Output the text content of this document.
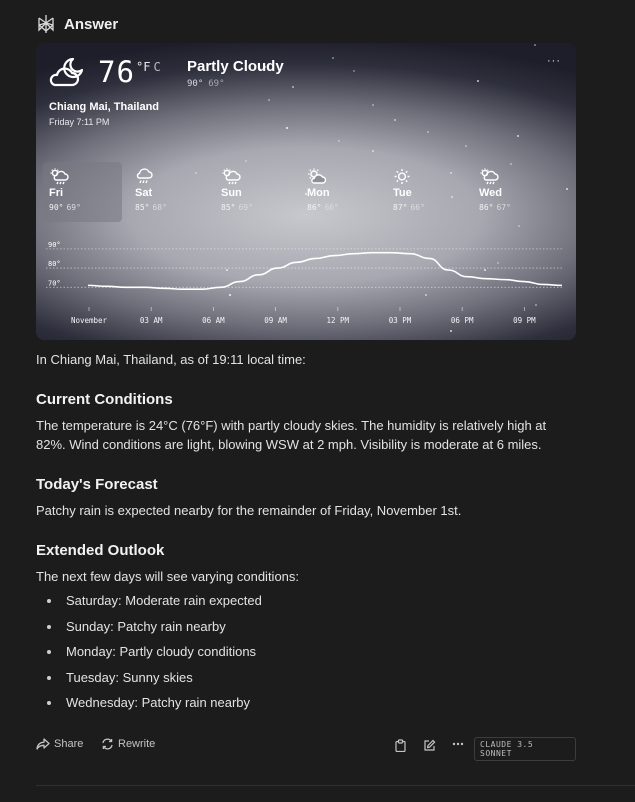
Answer
76 °F C Partly Cloudy
90° 69°
Chiang Mai, Thailand
Friday 7:11 PM
···
Fri
90° 69°
Sat
85° 68°
Sun
85° 69°
Mon
86° 66°
Tue
87° 66°
Wed
86° 67°
90°
80°
70°
November	03 AM	06 AM	09 AM	12 PM	03 PM	06 PM	09 PM

In Chiang Mai, Thailand, as of 19:11 local time:

Current Conditions

The temperature is 24°C (76°F) with partly cloudy skies. The humidity is relatively high at 82%. Wind conditions are light, blowing WSW at 2 mph. Visibility is moderate at 6 miles.

Today's Forecast

Patchy rain is expected nearby for the remainder of Friday, November 1st.

Extended Outlook

The next few days will see varying conditions:

Saturday: Moderate rain expected
Sunday: Patchy rain nearby
Monday: Partly cloudy conditions
Tuesday: Sunny skies
Wednesday: Patchy rain nearby
Share	Rewrite	CLAUDE 3.5 SONNET
